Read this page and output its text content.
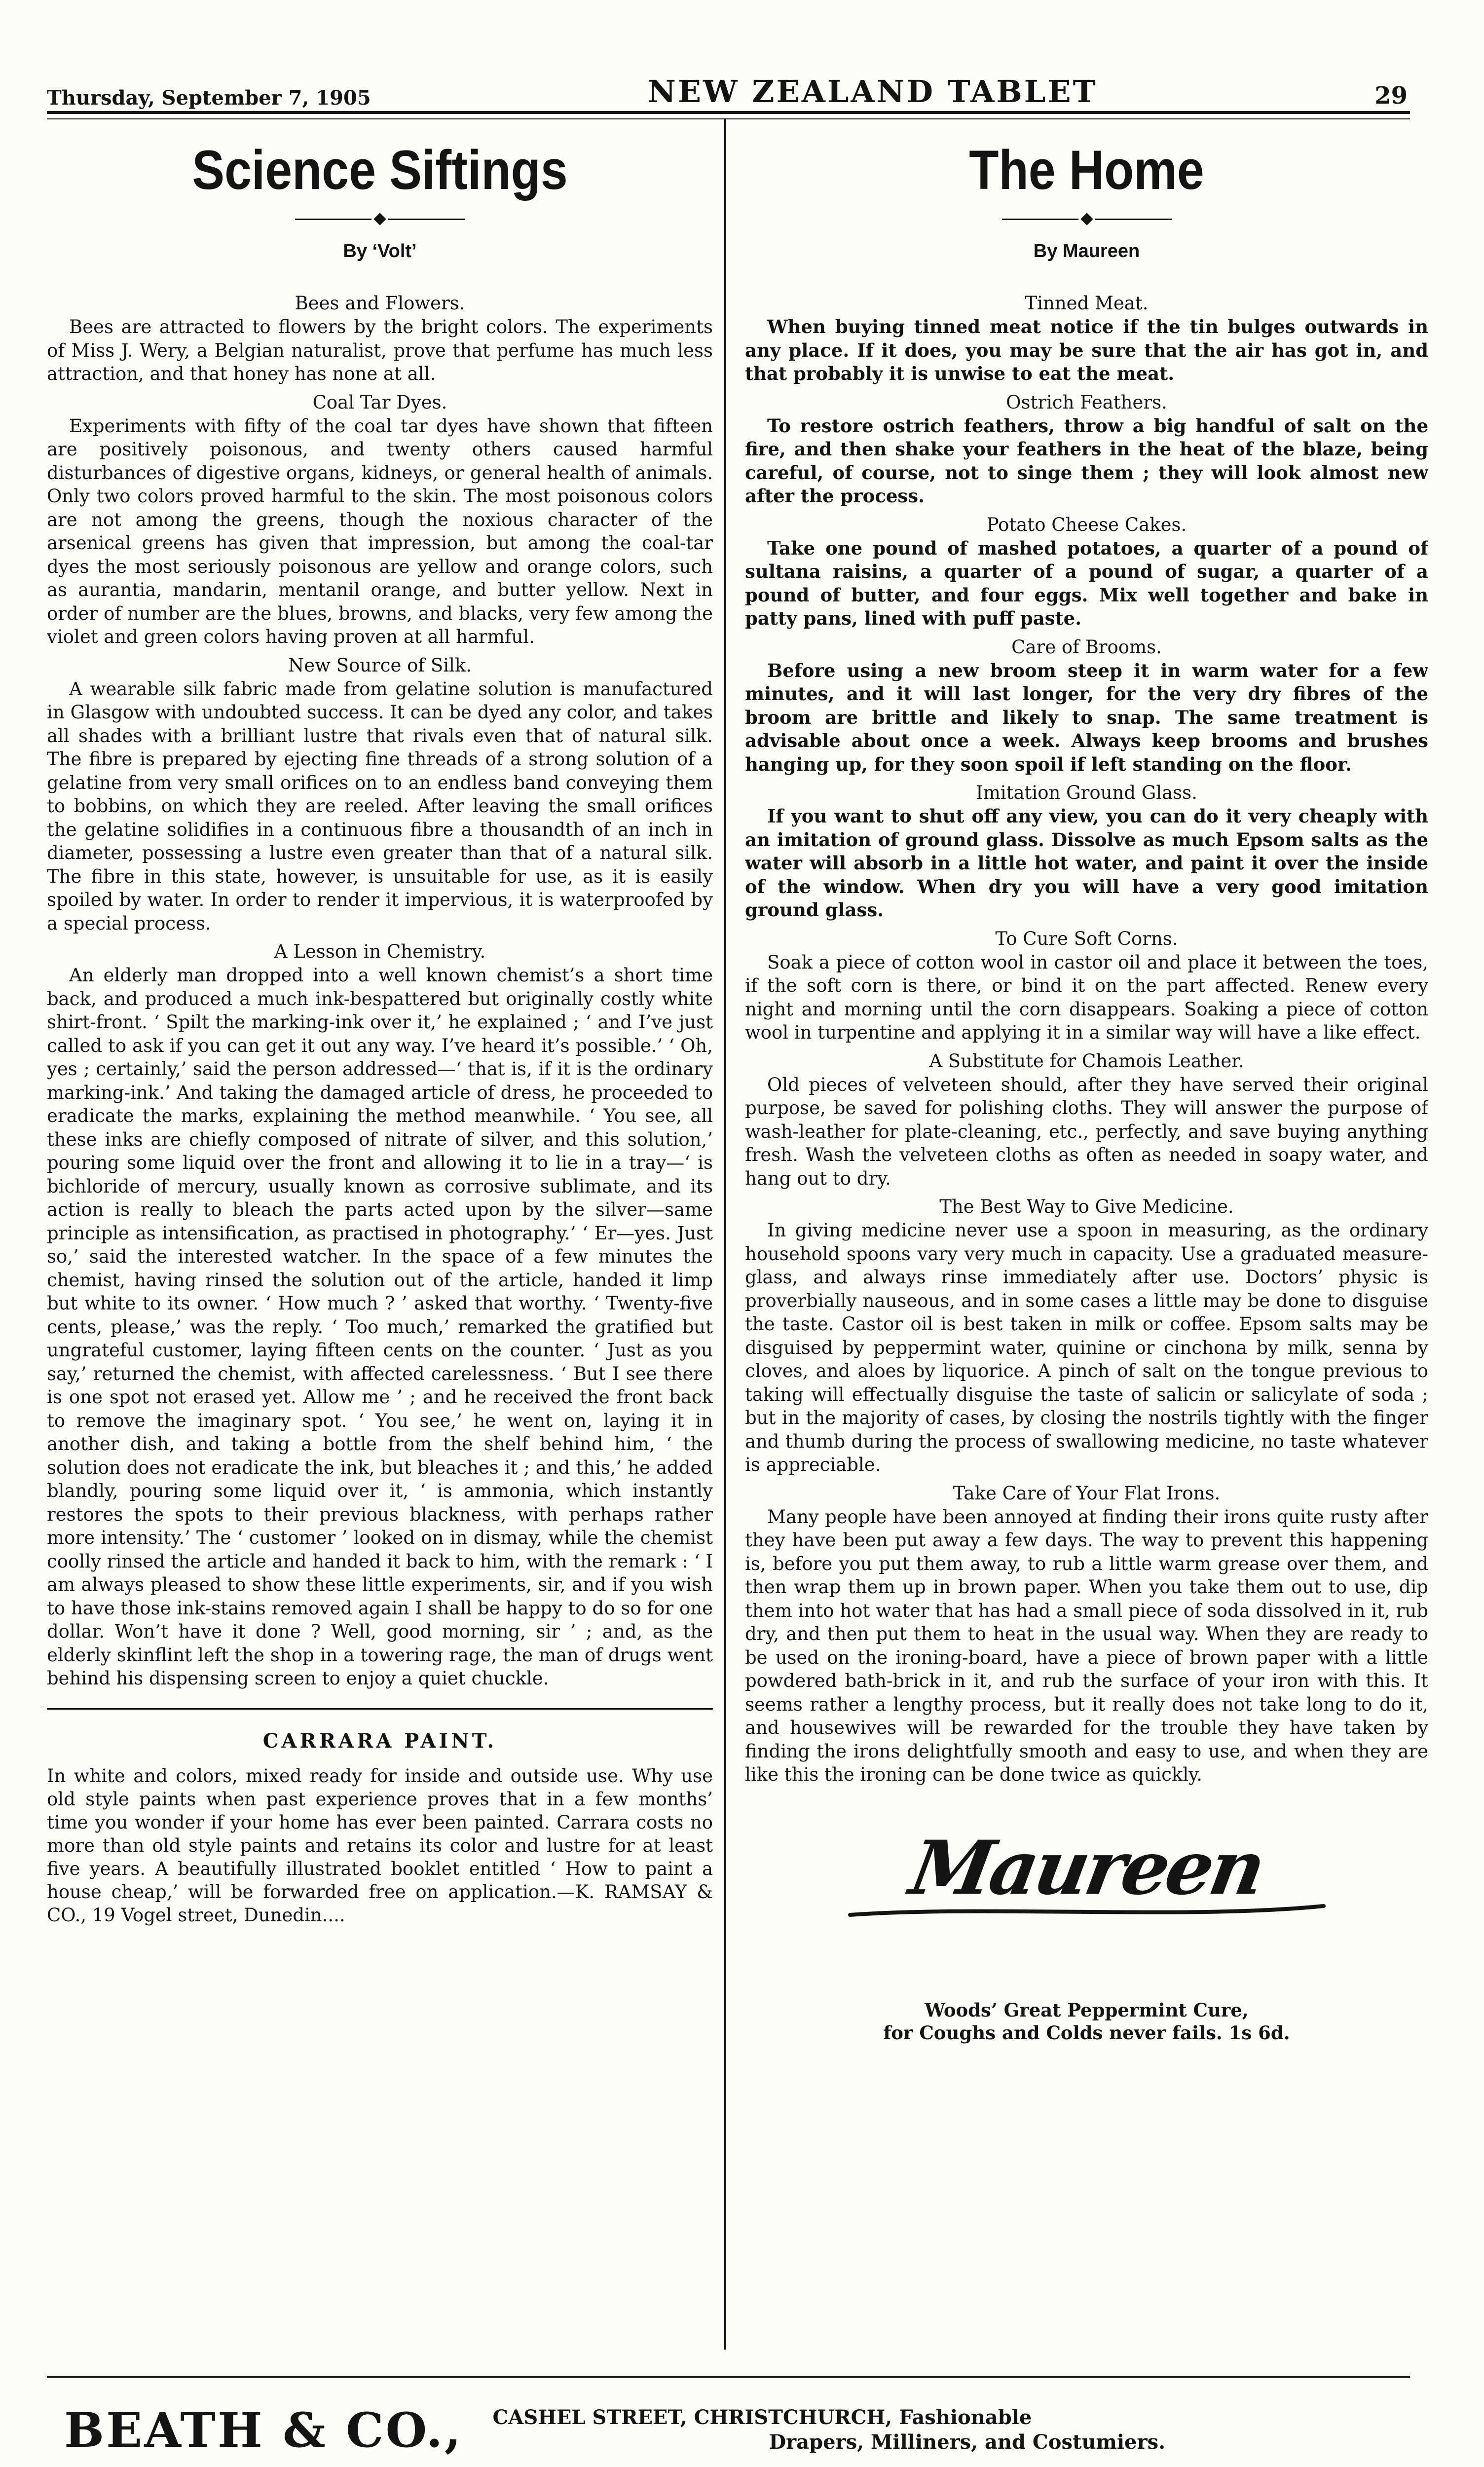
Thursday, September 7, 1905	NEW ZEALAND TABLET	29
Science Siftings
By ‘Volt’

Bees and Flowers.

Bees are attracted to flowers by the bright colors. The experiments of Miss J. Wery, a Belgian naturalist, prove that perfume has much less attraction, and that honey has none at all.

Coal Tar Dyes.

Experiments with fifty of the coal tar dyes have shown that fifteen are positively poisonous, and twenty others caused harmful disturbances of digestive organs, kidneys, or general health of animals. Only two colors proved harmful to the skin. The most poisonous colors are not among the greens, though the noxious character of the arsenical greens has given that impression, but among the coal-tar dyes the most seriously poisonous are yellow and orange colors, such as aurantia, mandarin, mentanil orange, and butter yellow. Next in order of number are the blues, browns, and blacks, very few among the violet and green colors having proven at all harmful.

New Source of Silk.

A wearable silk fabric made from gelatine solution is manufactured in Glasgow with undoubted success. It can be dyed any color, and takes all shades with a brilliant lustre that rivals even that of natural silk. The fibre is prepared by ejecting fine threads of a strong solution of a gelatine from very small orifices on to an endless band conveying them to bobbins, on which they are reeled. After leaving the small orifices the gelatine solidifies in a continuous fibre a thousandth of an inch in diameter, possessing a lustre even greater than that of a natural silk. The fibre in this state, however, is unsuitable for use, as it is easily spoiled by water. In order to render it impervious, it is waterproofed by a special process.

A Lesson in Chemistry.

An elderly man dropped into a well known chemist’s a short time back, and produced a much ink-bespattered but originally costly white shirt-front. ‘ Spilt the marking-ink over it,’ he explained ; ‘ and I’ve just called to ask if you can get it out any way. I’ve heard it’s possible.’ ‘ Oh, yes ; certainly,’ said the person addressed—‘ that is, if it is the ordinary marking-ink.’ And taking the damaged article of dress, he proceeded to eradicate the marks, explaining the method meanwhile. ‘ You see, all these inks are chiefly composed of nitrate of silver, and this solution,’ pouring some liquid over the front and allowing it to lie in a tray—‘ is bichloride of mercury, usually known as corrosive sublimate, and its action is really to bleach the parts acted upon by the silver—same principle as intensification, as practised in photography.’ ‘ Er—yes. Just so,’ said the interested watcher. In the space of a few minutes the chemist, having rinsed the solution out of the article, handed it limp but white to its owner. ‘ How much ? ’ asked that worthy. ‘ Twenty-five cents, please,’ was the reply. ‘ Too much,’ remarked the gratified but ungrateful customer, laying fifteen cents on the counter. ‘ Just as you say,’ returned the chemist, with affected carelessness. ‘ But I see there is one spot not erased yet. Allow me ’ ; and he received the front back to remove the imaginary spot. ‘ You see,’ he went on, laying it in another dish, and taking a bottle from the shelf behind him, ‘ the solution does not eradicate the ink, but bleaches it ; and this,’ he added blandly, pouring some liquid over it, ‘ is ammonia, which instantly restores the spots to their previous blackness, with perhaps rather more intensity.’ The ‘ customer ’ looked on in dismay, while the chemist coolly rinsed the article and handed it back to him, with the remark : ‘ I am always pleased to show these little experiments, sir, and if you wish to have those ink-stains removed again I shall be happy to do so for one dollar. Won’t have it done ? Well, good morning, sir ’ ; and, as the elderly skinflint left the shop in a towering rage, the man of drugs went behind his dispensing screen to enjoy a quiet chuckle.

CARRARA PAINT.

In white and colors, mixed ready for inside and outside use. Why use old style paints when past experience proves that in a few months’ time you wonder if your home has ever been painted. Carrara costs no more than old style paints and retains its color and lustre for at least five years. A beautifully illustrated booklet entitled ‘ How to paint a house cheap,’ will be forwarded free on application.—K. RAMSAY & CO., 19 Vogel street, Dunedin....

The Home
By Maureen

Tinned Meat.

When buying tinned meat notice if the tin bulges outwards in any place. If it does, you may be sure that the air has got in, and that probably it is unwise to eat the meat.

Ostrich Feathers.

To restore ostrich feathers, throw a big handful of salt on the fire, and then shake your feathers in the heat of the blaze, being careful, of course, not to singe them ; they will look almost new after the process.

Potato Cheese Cakes.

Take one pound of mashed potatoes, a quarter of a pound of sultana raisins, a quarter of a pound of sugar, a quarter of a pound of butter, and four eggs. Mix well together and bake in patty pans, lined with puff paste.

Care of Brooms.

Before using a new broom steep it in warm water for a few minutes, and it will last longer, for the very dry fibres of the broom are brittle and likely to snap. The same treatment is advisable about once a week. Always keep brooms and brushes hanging up, for they soon spoil if left standing on the floor.

Imitation Ground Glass.

If you want to shut off any view, you can do it very cheaply with an imitation of ground glass. Dissolve as much Epsom salts as the water will absorb in a little hot water, and paint it over the inside of the window. When dry you will have a very good imitation ground glass.

To Cure Soft Corns.

Soak a piece of cotton wool in castor oil and place it between the toes, if the soft corn is there, or bind it on the part affected. Renew every night and morning until the corn disappears. Soaking a piece of cotton wool in turpentine and applying it in a similar way will have a like effect.

A Substitute for Chamois Leather.

Old pieces of velveteen should, after they have served their original purpose, be saved for polishing cloths. They will answer the purpose of wash-leather for plate-cleaning, etc., perfectly, and save buying anything fresh. Wash the velveteen cloths as often as needed in soapy water, and hang out to dry.

The Best Way to Give Medicine.

In giving medicine never use a spoon in measuring, as the ordinary household spoons vary very much in capacity. Use a graduated measure-glass, and always rinse immediately after use. Doctors’ physic is proverbially nauseous, and in some cases a little may be done to disguise the taste. Castor oil is best taken in milk or coffee. Epsom salts may be disguised by peppermint water, quinine or cinchona by milk, senna by cloves, and aloes by liquorice. A pinch of salt on the tongue previous to taking will effectually disguise the taste of salicin or salicylate of soda ; but in the majority of cases, by closing the nostrils tightly with the finger and thumb during the process of swallowing medicine, no taste whatever is appreciable.

Take Care of Your Flat Irons.

Many people have been annoyed at finding their irons quite rusty after they have been put away a few days. The way to prevent this happening is, before you put them away, to rub a little warm grease over them, and then wrap them up in brown paper. When you take them out to use, dip them into hot water that has had a small piece of soda dissolved in it, rub dry, and then put them to heat in the usual way. When they are ready to be used on the ironing-board, have a piece of brown paper with a little powdered bath-brick in it, and rub the surface of your iron with this. It seems rather a lengthy process, but it really does not take long to do it, and housewives will be rewarded for the trouble they have taken by finding the irons delightfully smooth and easy to use, and when they are like this the ironing can be done twice as quickly.

Maureen
Woods’ Great Peppermint Cure,
for Coughs and Colds never fails. 1s 6d.
BEATH & CO., CASHEL STREET, CHRISTCHURCH, Fashionable
Drapers, Milliners, and Costumiers.
